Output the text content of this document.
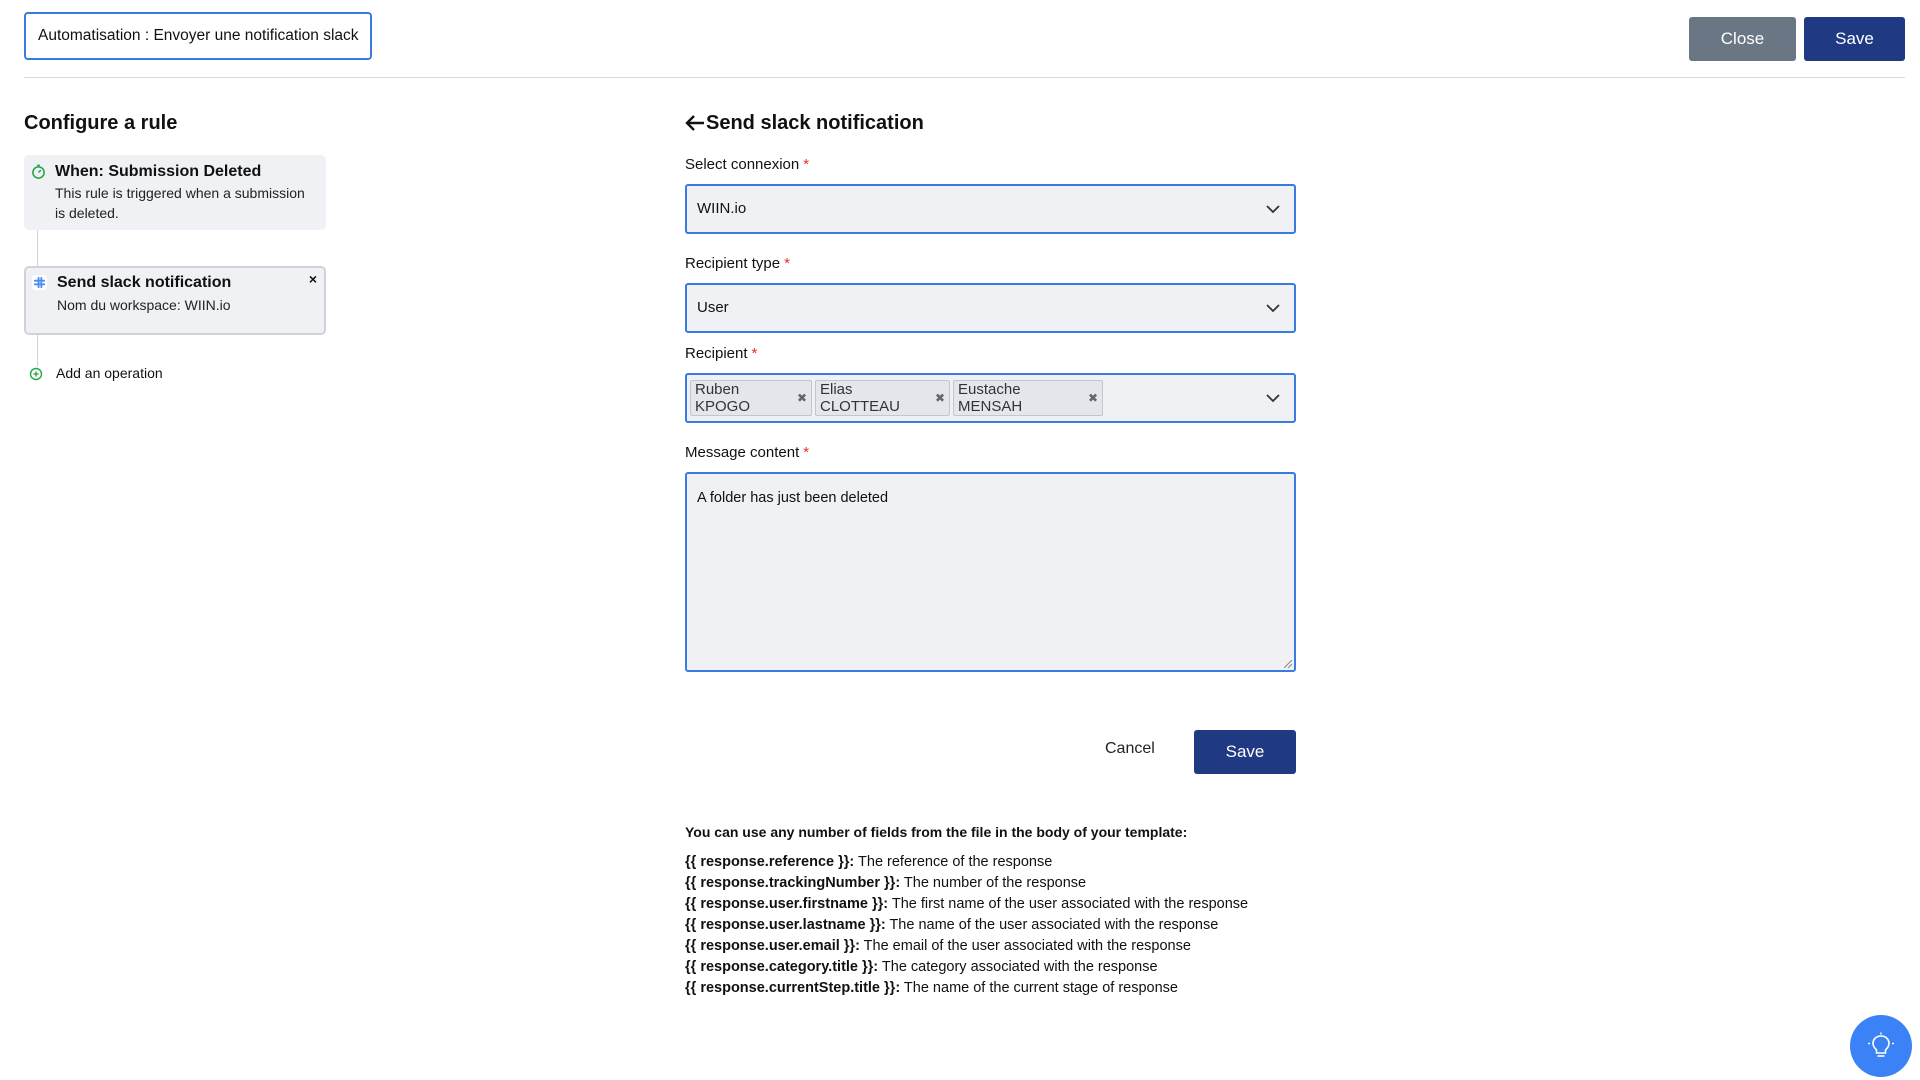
Automatisation : Envoyer une notification slack	Close	Save
Configure a rule
When: Submission Deleted
This rule is triggered when a submission
is deleted.
Send slack notification
Nom du workspace: WIIN.io
×
Add an operation
Send slack notification
Select connexion *
WIIN.io
Recipient type *
User
Recipient *
Ruben KPOGO	✖ Elias CLOTTEAU	✖ Eustache MENSAH	✖
Message content *
A folder has just been deleted
Cancel	Save
You can use any number of fields from the file in the body of your template:
{{ response.reference }}: The reference of the response
{{ response.trackingNumber }}: The number of the response
{{ response.user.firstname }}: The first name of the user associated with the response
{{ response.user.lastname }}: The name of the user associated with the response
{{ response.user.email }}: The email of the user associated with the response
{{ response.category.title }}: The category associated with the response
{{ response.currentStep.title }}: The name of the current stage of response
